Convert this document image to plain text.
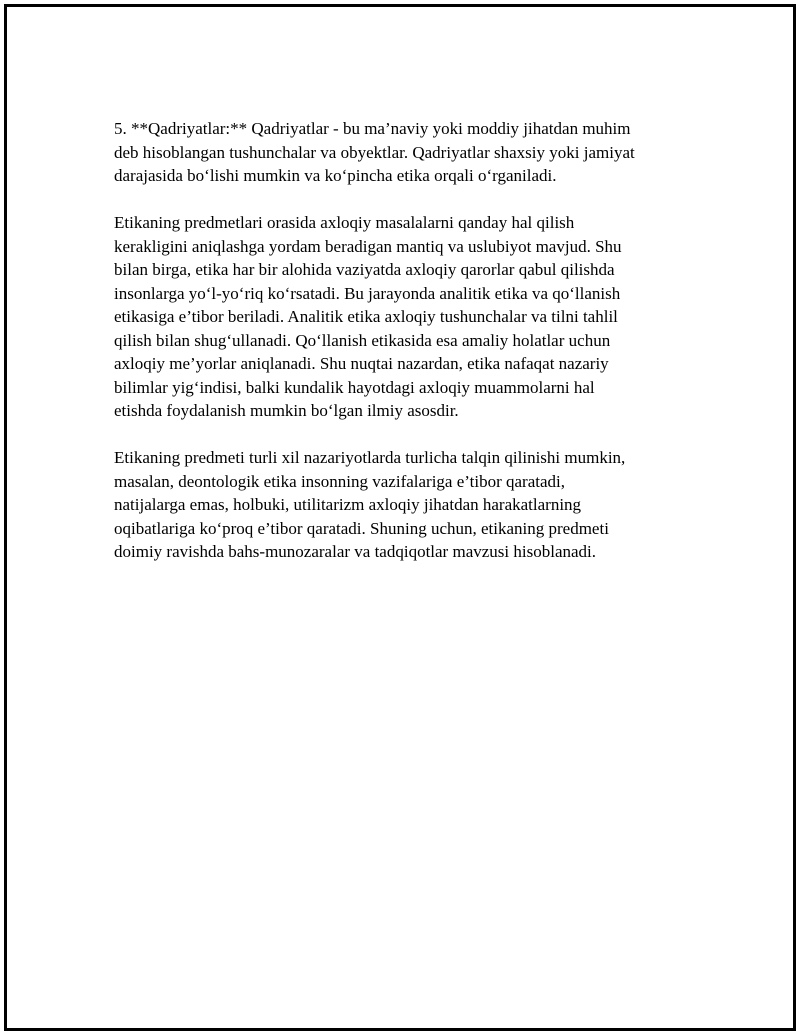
5. **Qadriyatlar:** Qadriyatlar - bu ma’naviy yoki moddiy jihatdan muhim
deb hisoblangan tushunchalar va obyektlar. Qadriyatlar shaxsiy yoki jamiyat
darajasida bo‘lishi mumkin va ko‘pincha etika orqali o‘rganiladi.

Etikaning predmetlari orasida axloqiy masalalarni qanday hal qilish
kerakligini aniqlashga yordam beradigan mantiq va uslubiyot mavjud. Shu
bilan birga, etika har bir alohida vaziyatda axloqiy qarorlar qabul qilishda
insonlarga yo‘l-yo‘riq ko‘rsatadi. Bu jarayonda analitik etika va qo‘llanish
etikasiga e’tibor beriladi. Analitik etika axloqiy tushunchalar va tilni tahlil
qilish bilan shug‘ullanadi. Qo‘llanish etikasida esa amaliy holatlar uchun
axloqiy me’yorlar aniqlanadi. Shu nuqtai nazardan, etika nafaqat nazariy
bilimlar yig‘indisi, balki kundalik hayotdagi axloqiy muammolarni hal
etishda foydalanish mumkin bo‘lgan ilmiy asosdir.

Etikaning predmeti turli xil nazariyotlarda turlicha talqin qilinishi mumkin,
masalan, deontologik etika insonning vazifalariga e’tibor qaratadi,
natijalarga emas, holbuki, utilitarizm axloqiy jihatdan harakatlarning
oqibatlariga ko‘proq e’tibor qaratadi. Shuning uchun, etikaning predmeti
doimiy ravishda bahs-munozaralar va tadqiqotlar mavzusi hisoblanadi.
